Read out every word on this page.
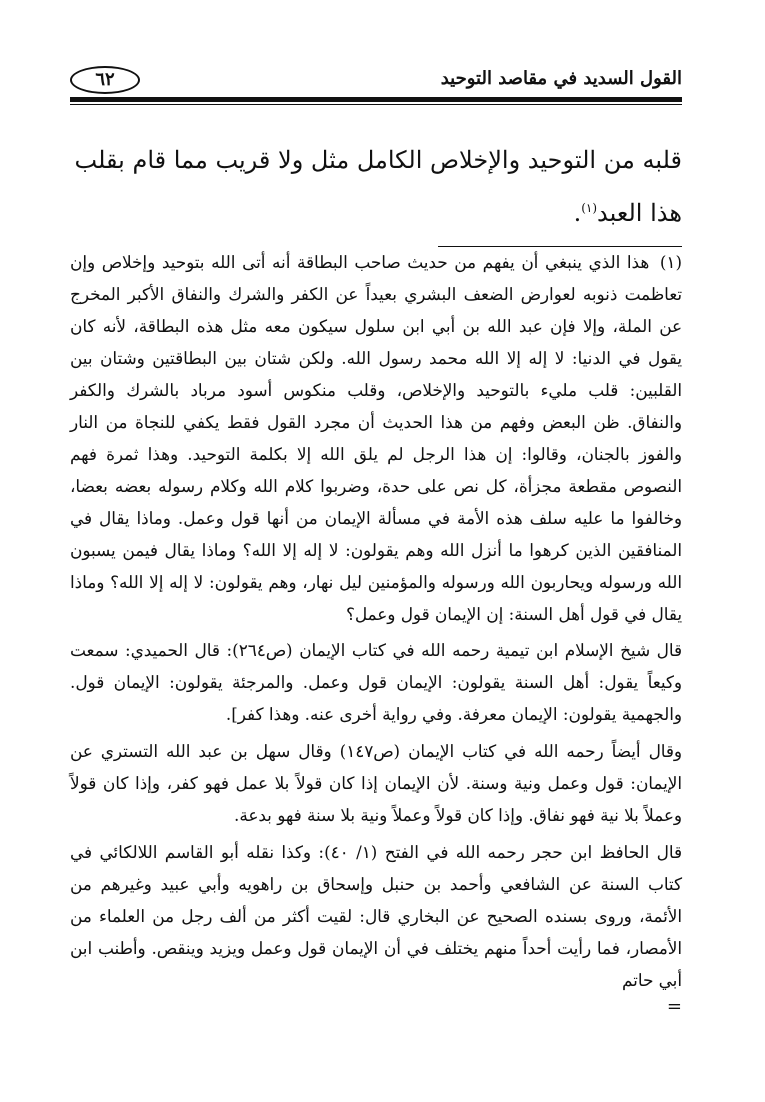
القول السديد في مقاصد التوحيد
٦٢
قلبه من التوحيد والإخلاص الكامل مثل ولا قريب مما قام بقلب هذا العبد$^{(١)}$.

(١) هذا الذي ينبغي أن يفهم من حديث صاحب البطاقة أنه أتى الله بتوحيد وإخلاص وإن تعاظمت ذنوبه لعوارض الضعف البشري بعيداً عن الكفر والشرك والنفاق الأكبر المخرج عن الملة، وإلا فإن عبد الله بن أبي ابن سلول سيكون معه مثل هذه البطاقة، لأنه كان يقول في الدنيا: لا إله إلا الله محمد رسول الله. ولكن شتان بين البطاقتين وشتان بين القلبين: قلب مليء بالتوحيد والإخلاص، وقلب منكوس أسود مرباد بالشرك والكفر والنفاق. ظن البعض وفهم من هذا الحديث أن مجرد القول فقط يكفي للنجاة من النار والفوز بالجنان، وقالوا: إن هذا الرجل لم يلق الله إلا بكلمة التوحيد. وهذا ثمرة فهم النصوص مقطعة مجزأة، كل نص على حدة، وضربوا كلام الله وكلام رسوله بعضه بعضا، وخالفوا ما عليه سلف هذه الأمة في مسألة الإيمان من أنها قول وعمل. وماذا يقال في المنافقين الذين كرهوا ما أنزل الله وهم يقولون: لا إله إلا الله؟ وماذا يقال فيمن يسبون الله ورسوله ويحاربون الله ورسوله والمؤمنين ليل نهار، وهم يقولون: لا إله إلا الله؟ وماذا يقال في قول أهل السنة: إن الإيمان قول وعمل؟

قال شيخ الإسلام ابن تيمية رحمه الله في كتاب الإيمان (ص٢٦٤): قال الحميدي: سمعت وكيعاً يقول: أهل السنة يقولون: الإيمان قول وعمل. والمرجئة يقولون: الإيمان قول. والجهمية يقولون: الإيمان معرفة. وفي رواية أخرى عنه. وهذا كفر].

وقال أيضاً رحمه الله في كتاب الإيمان (ص١٤٧) وقال سهل بن عبد الله التستري عن الإيمان: قول وعمل ونية وسنة. لأن الإيمان إذا كان قولاً بلا عمل فهو كفر، وإذا كان قولاً وعملاً بلا نية فهو نفاق. وإذا كان قولاً وعملاً ونية بلا سنة فهو بدعة.

قال الحافظ ابن حجر رحمه الله في الفتح (١/ ٤٠): وكذا نقله أبو القاسم اللالكائي في كتاب السنة عن الشافعي وأحمد بن حنبل وإسحاق بن راهويه وأبي عبيد وغيرهم من الأئمة، وروى بسنده الصحيح عن البخاري قال: لقيت أكثر من ألف رجل من العلماء من الأمصار، فما رأيت أحداً منهم يختلف في أن الإيمان قول وعمل ويزيد وينقص. وأطنب ابن أبي حاتم

=
